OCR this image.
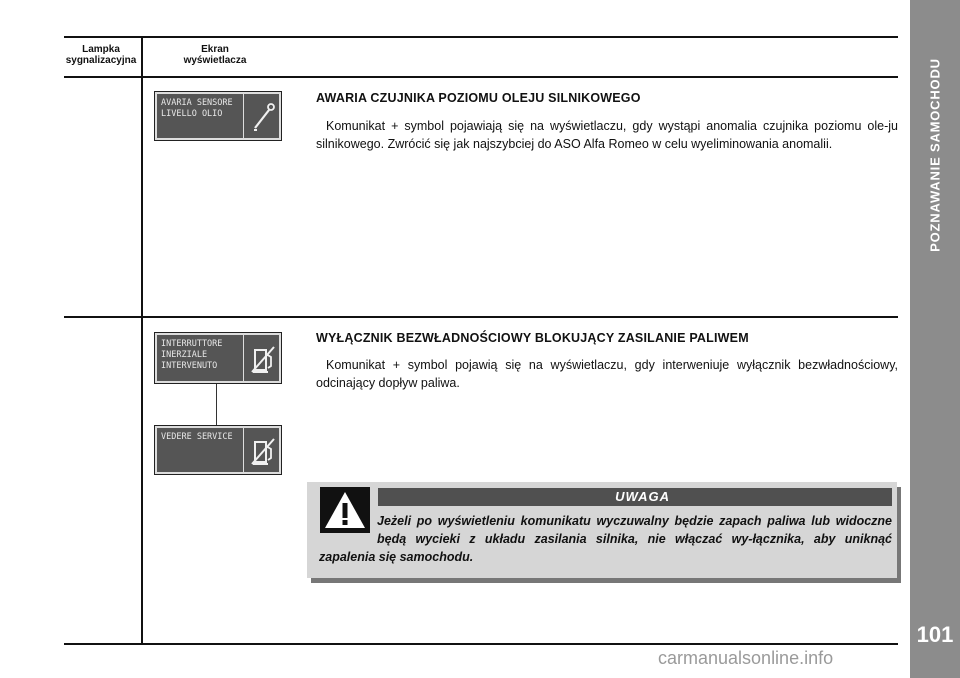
POZNAWANIE SAMOCHODU
101
Lampka
sygnalizacyjna
Ekran
wyświetlacza
AVARIA SENSORE
LIVELLO OLIO
AWARIA CZUJNIKA POZIOMU OLEJU SILNIKOWEGO
Komunikat + symbol pojawiają się na wyświetlaczu, gdy wystąpi anomalia czujnika poziomu ole-ju silnikowego. Zwrócić się jak najszybciej do ASO Alfa Romeo w celu wyeliminowania anomalii.
INTERRUTTORE
INERZIALE
INTERVENUTO
VEDERE SERVICE
WYŁĄCZNIK BEZWŁADNOŚCIOWY BLOKUJĄCY ZASILANIE PALIWEM
Komunikat + symbol pojawią się na wyświetlaczu, gdy interweniuje wyłącznik bezwładnościowy, odcinający dopływ paliwa.
UWAGA
Jeżeli po wyświetleniu komunikatu wyczuwalny będzie zapach paliwa lub widoczne będą wycieki z układu zasilania silnika, nie włączać wy-łącznika, aby uniknąć zapalenia się samochodu.
carmanualsonline.info
